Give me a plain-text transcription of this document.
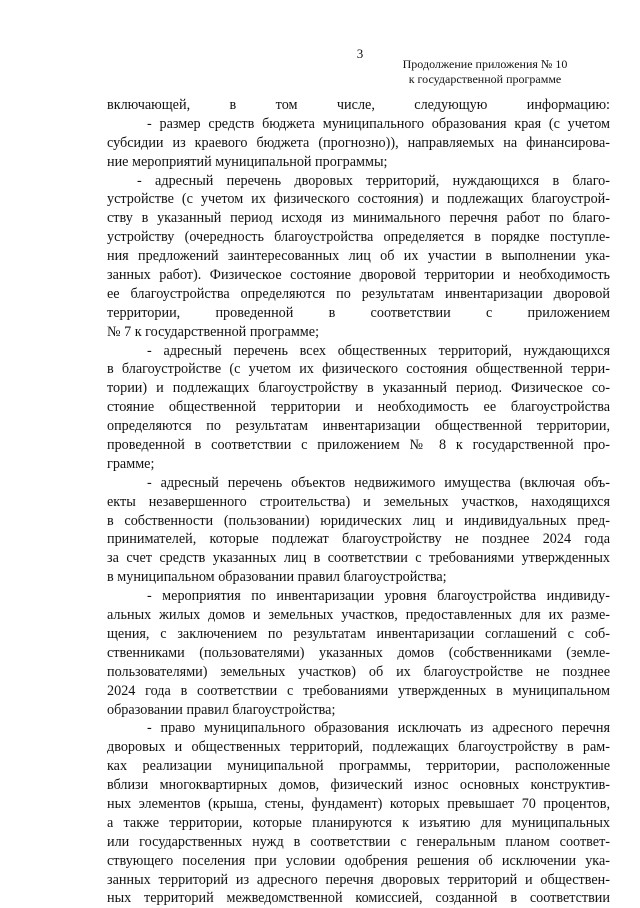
3
Продолжение приложения № 10
к государственной программе
включающей, в том числе, следующую информацию:
- размер средств бюджета муниципального образования края (с учетом
субсидии из краевого бюджета (прогнозно)), направляемых на финансирова-
ние мероприятий муниципальной программы;
- адресный перечень дворовых территорий, нуждающихся в благо-
устройстве (с учетом их физического состояния) и подлежащих благоустрой-
ству в указанный период исходя из минимального перечня работ по благо-
устройству (очередность благоустройства определяется в порядке поступле-
ния предложений заинтересованных лиц об их участии в выполнении ука-
занных работ). Физическое состояние дворовой территории и необходимость
ее благоустройства определяются по результатам инвентаризации дворовой
территории, проведенной в соответствии с приложением
№ 7 к государственной программе;
- адресный перечень всех общественных территорий, нуждающихся
в благоустройстве (с учетом их физического состояния общественной терри-
тории) и подлежащих благоустройству в указанный период. Физическое со-
стояние общественной территории и необходимость ее благоустройства
определяются по результатам инвентаризации общественной территории,
проведенной в соответствии с приложением № 8 к государственной про-
грамме;
- адресный перечень объектов недвижимого имущества (включая объ-
екты незавершенного строительства) и земельных участков, находящихся
в собственности (пользовании) юридических лиц и индивидуальных пред-
принимателей, которые подлежат благоустройству не позднее 2024 года
за счет средств указанных лиц в соответствии с требованиями утвержденных
в муниципальном образовании правил благоустройства;
- мероприятия по инвентаризации уровня благоустройства индивиду-
альных жилых домов и земельных участков, предоставленных для их разме-
щения, с заключением по результатам инвентаризации соглашений с соб-
ственниками (пользователями) указанных домов (собственниками (земле-
пользователями) земельных участков) об их благоустройстве не позднее
2024 года в соответствии с требованиями утвержденных в муниципальном
образовании правил благоустройства;
- право муниципального образования исключать из адресного перечня
дворовых и общественных территорий, подлежащих благоустройству в рам-
ках реализации муниципальной программы, территории, расположенные
вблизи многоквартирных домов, физический износ основных конструктив-
ных элементов (крыша, стены, фундамент) которых превышает 70 процентов,
а также территории, которые планируются к изъятию для муниципальных
или государственных нужд в соответствии с генеральным планом соответ-
ствующего поселения при условии одобрения решения об исключении ука-
занных территорий из адресного перечня дворовых территорий и обществен-
ных территорий межведомственной комиссией, созданной в соответствии
